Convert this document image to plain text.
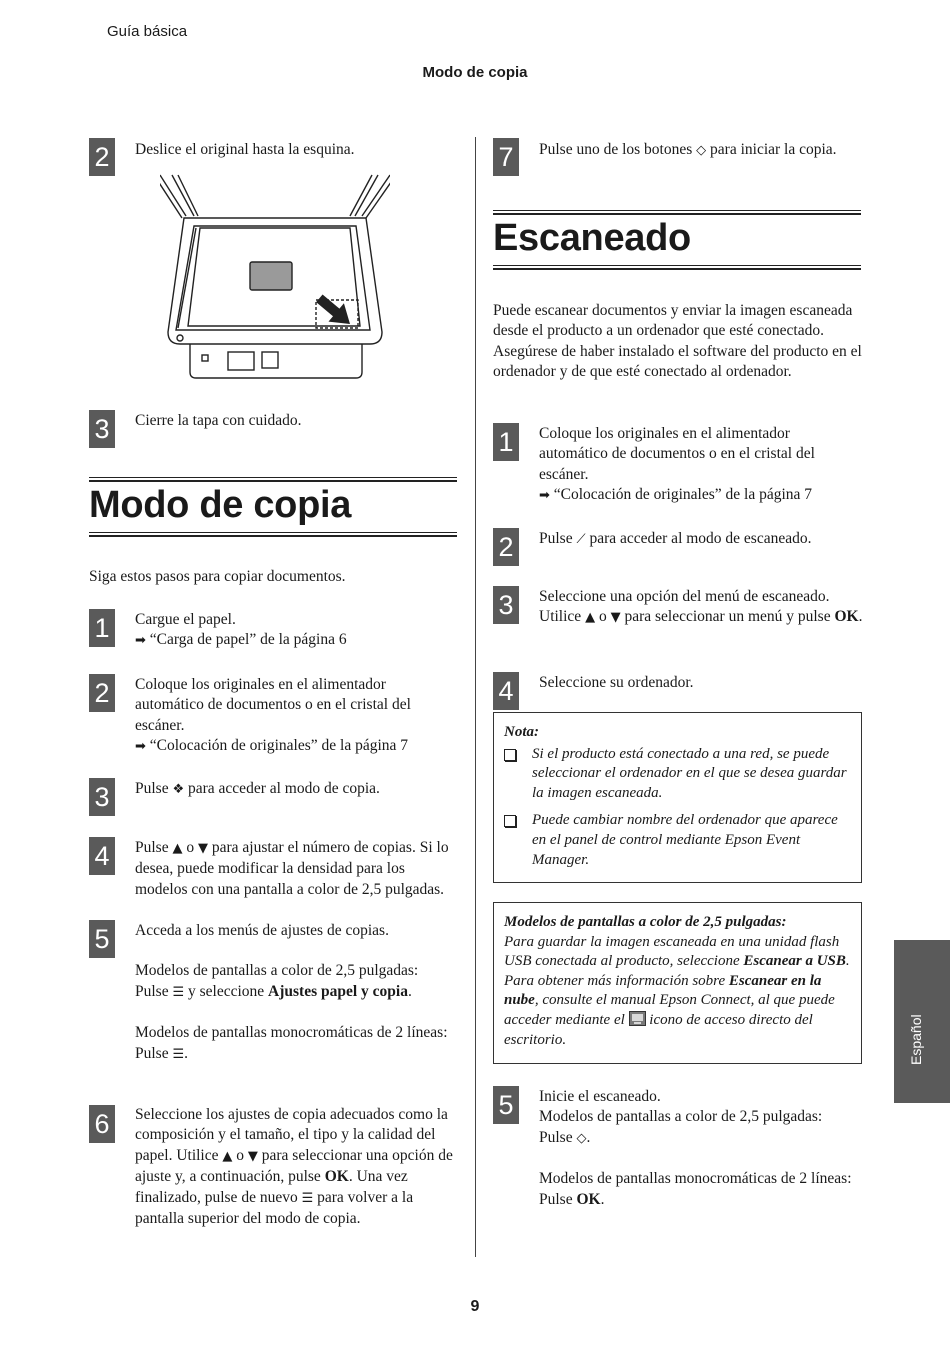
Guía básica
Modo de copia
2	Deslice el original hasta la esquina.
3	Cierre la tapa con cuidado.
Modo de copia
Siga estos pasos para copiar documentos.
1	Cargue el papel.

➡ “Carga de papel” de la página 6

2	Coloque los originales en el alimentador automático de documentos o en el cristal del escáner.

➡ “Colocación de originales” de la página 7

3	Pulse ❖ para acceder al modo de copia.
4	Pulse ▲ o ▼ para ajustar el número de copias. Si lo desea, puede modificar la densidad para los modelos con una pantalla a color de 2,5 pulgadas.
5	Acceda a los menús de ajustes de copias.

Modelos de pantallas a color de 2,5 pulgadas:

Pulse ☰ y seleccione Ajustes papel y copia.

Modelos de pantallas monocromáticas de 2 líneas:

Pulse ☰.

6	Seleccione los ajustes de copia adecuados como la composición y el tamaño, el tipo y la calidad del papel. Utilice ▲ o ▼ para seleccionar una opción de ajuste y, a continuación, pulse OK. Una vez finalizado, pulse de nuevo ☰ para volver a la pantalla superior del modo de copia.
7	Pulse uno de los botones ◇ para iniciar la copia.
Escaneado
Puede escanear documentos y enviar la imagen escaneada desde el producto a un ordenador que esté conectado. Asegúrese de haber instalado el software del producto en el ordenador y de que esté conectado al ordenador.
1	Coloque los originales en el alimentador automático de documentos o en el cristal del escáner.

➡ “Colocación de originales” de la página 7

2	Pulse ⟋ para acceder al modo de escaneado.
3	Seleccione una opción del menú de escaneado. Utilice ▲ o ▼ para seleccionar un menú y pulse OK.
4	Seleccione su ordenador.
Nota:
Si el producto está conectado a una red, se puede seleccionar el ordenador en el que se desea guardar la imagen escaneada.
Puede cambiar nombre del ordenador que aparece en el panel de control mediante Epson Event Manager.
Modelos de pantallas a color de 2,5 pulgadas:
Para guardar la imagen escaneada en una unidad flash USB conectada al producto, seleccione Escanear a USB. Para obtener más información sobre Escanear en la nube, consulte el manual Epson Connect, al que puede acceder mediante el icono de acceso directo del escritorio.
5	Inicie el escaneado.

Modelos de pantallas a color de 2,5 pulgadas:

Pulse ◇.

Modelos de pantallas monocromáticas de 2 líneas:

Pulse OK.

Español
9
